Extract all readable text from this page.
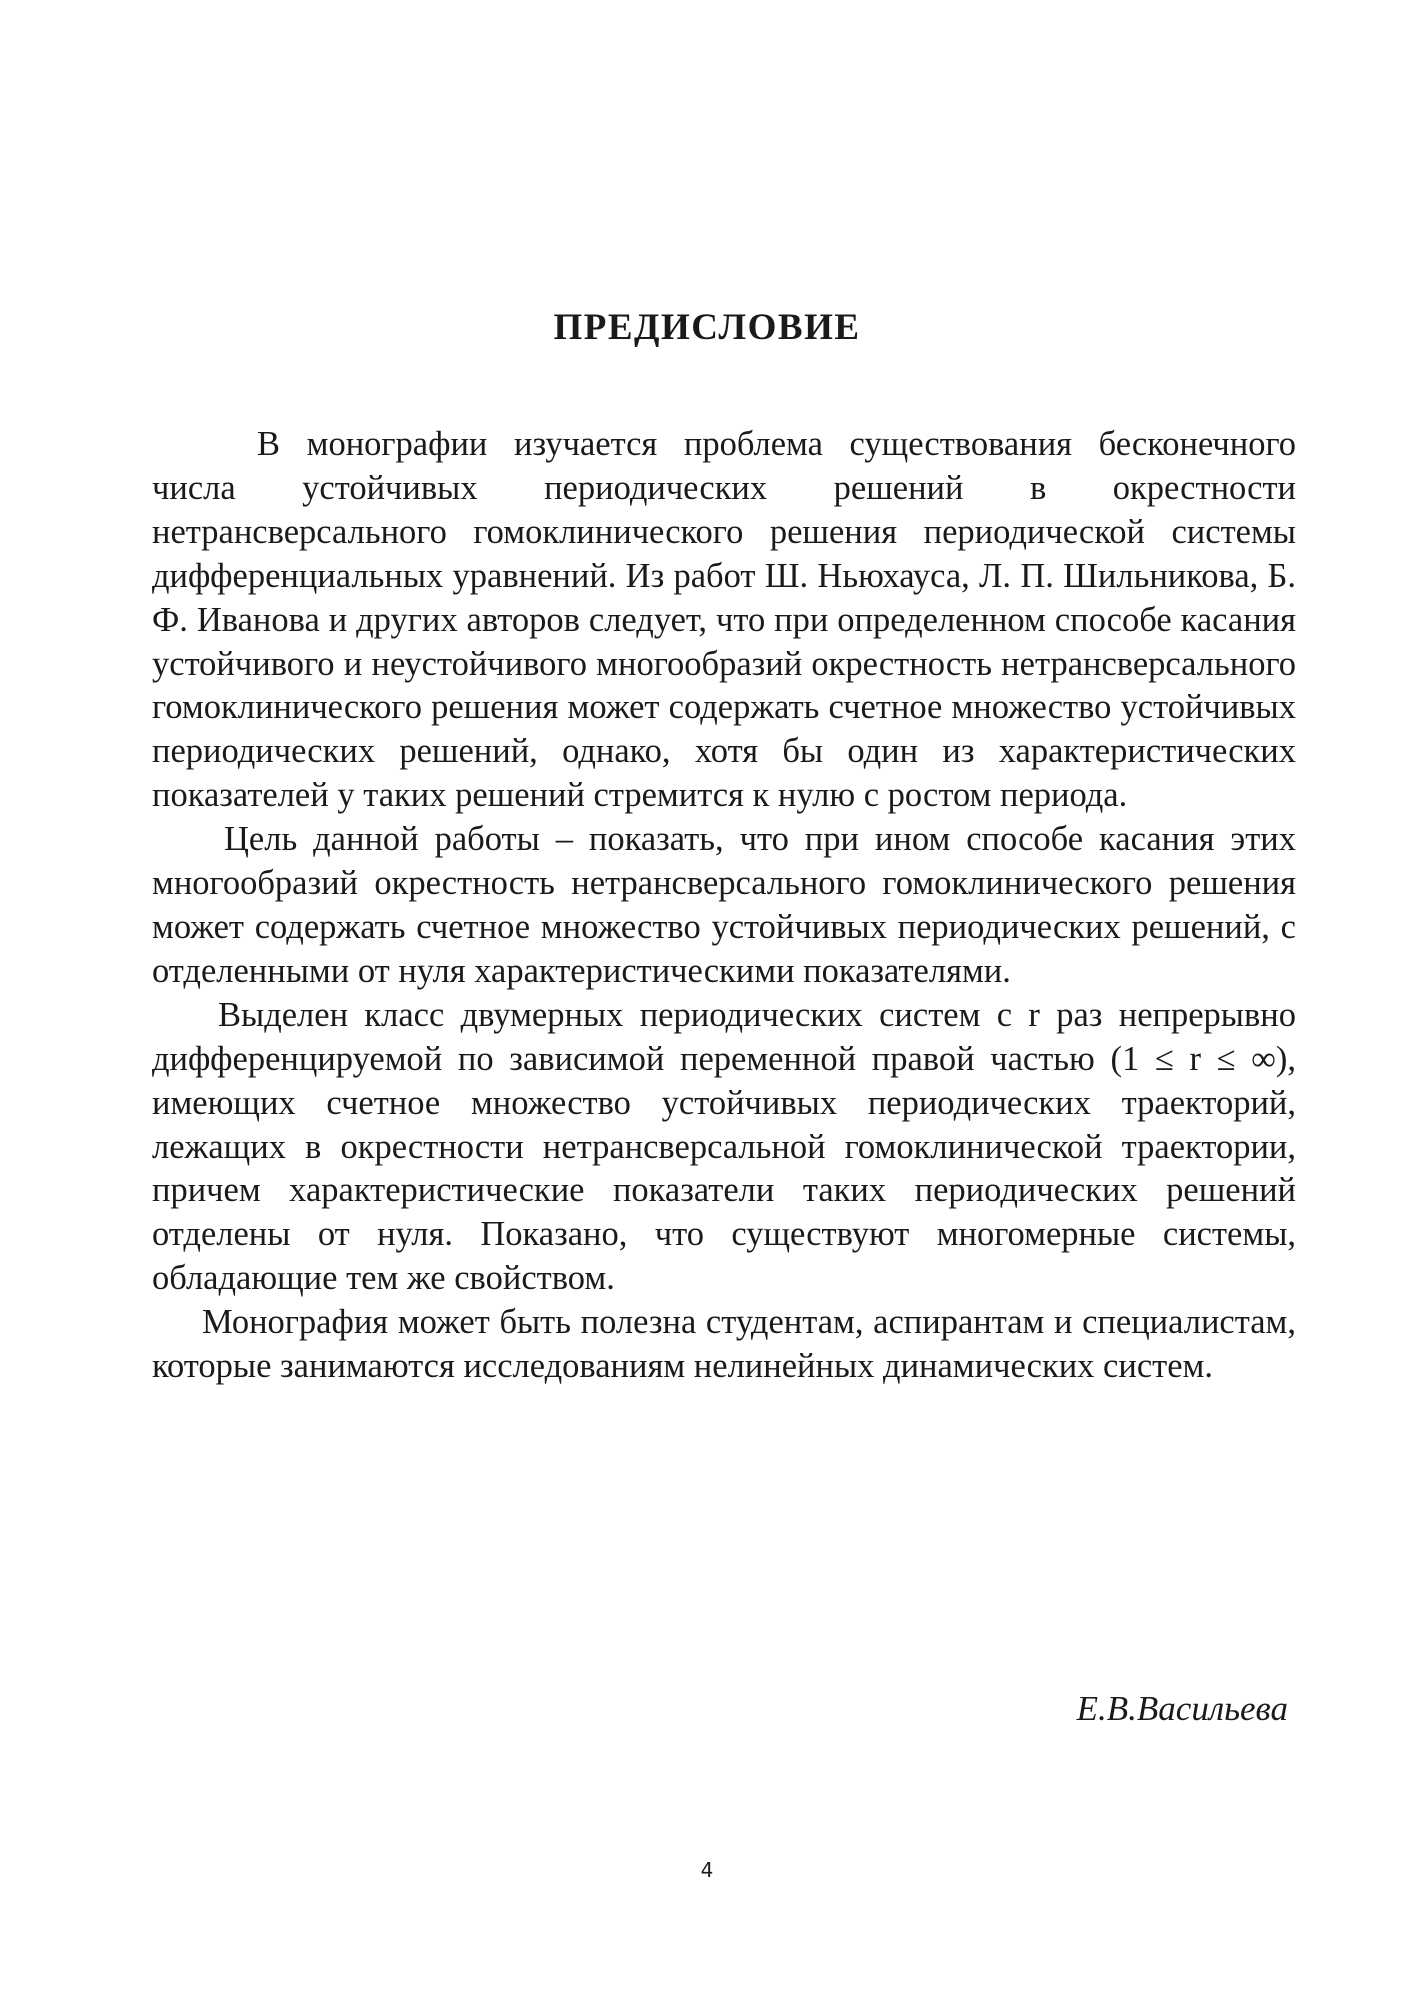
ПРЕДИСЛОВИЕ

В монографии изучается проблема существования бесконечного числа устойчивых периодических решений в окрестности нетрансверсального гомоклинического решения периодической системы дифференциальных уравнений. Из работ Ш. Ньюхауса, Л. П. Шильникова, Б. Ф. Иванова и других авторов следует, что при определенном способе касания устойчивого и неустойчивого многообразий окрестность нетрансверсального гомоклинического решения может содержать счетное множество устойчивых периодических решений, однако, хотя бы один из характеристических показателей у таких решений стремится к нулю с ростом периода.

Цель данной работы – показать, что при ином способе касания этих многообразий окрестность нетрансверсального гомоклинического решения может содержать счетное множество устойчивых периодических решений, с отделенными от нуля характеристическими показателями.

Выделен класс двумерных периодических систем с r раз непрерывно дифференцируемой по зависимой переменной правой частью (1 ≤ r ≤ ∞), имеющих счетное множество устойчивых периодических траекторий, лежащих в окрестности нетрансверсальной гомоклинической траектории, причем характеристические показатели таких периодических решений отделены от нуля. Показано, что существуют многомерные системы, обладающие тем же свойством.

Монография может быть полезна студентам, аспирантам и специалистам, которые занимаются исследованиям нелинейных динамических систем.

Е.В.Васильева

4
